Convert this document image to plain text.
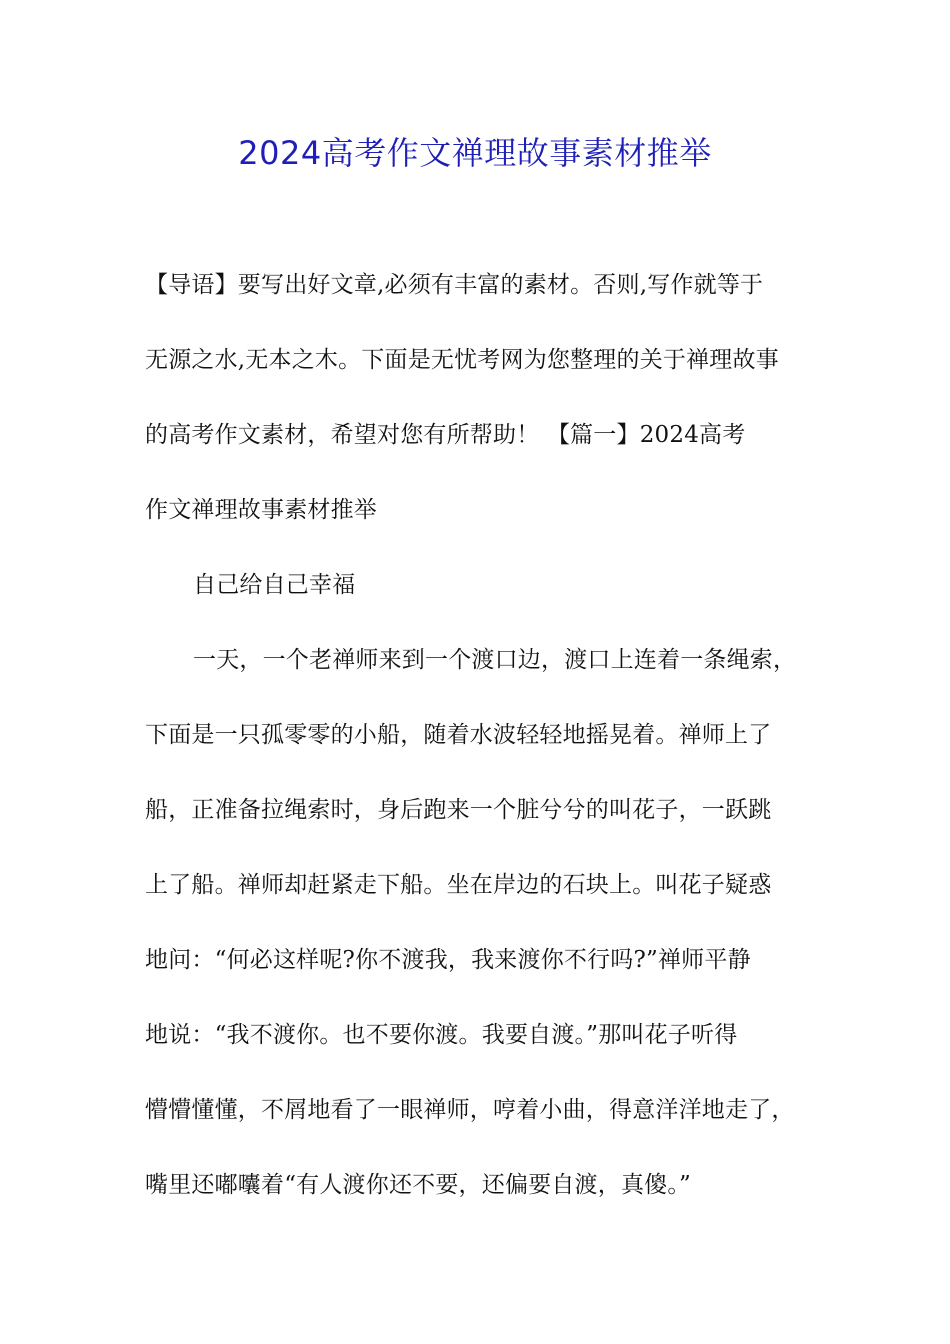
2024高考作文禅理故事素材推举
【导语】要写出好文章,必须有丰富的素材。否则,写作就等于
无源之水,无本之木。下面是无忧考网为您整理的关于禅理故事
的高考作文素材，希望对您有所帮助！ 【篇一】2024高考
作文禅理故事素材推举
自己给自己幸福
一天，一个老禅师来到一个渡口边，渡口上连着一条绳索，
下面是一只孤零零的小船，随着水波轻轻地摇晃着。禅师上了
船，正准备拉绳索时，身后跑来一个脏兮兮的叫花子，一跃跳
上了船。禅师却赶紧走下船。坐在岸边的石块上。叫花子疑惑
地问：“何必这样呢?你不渡我，我来渡你不行吗?”禅师平静
地说：“我不渡你。也不要你渡。我要自渡。”那叫花子听得
懵懵懂懂，不屑地看了一眼禅师，哼着小曲，得意洋洋地走了，
嘴里还嘟囔着“有人渡你还不要，还偏要自渡，真傻。”
